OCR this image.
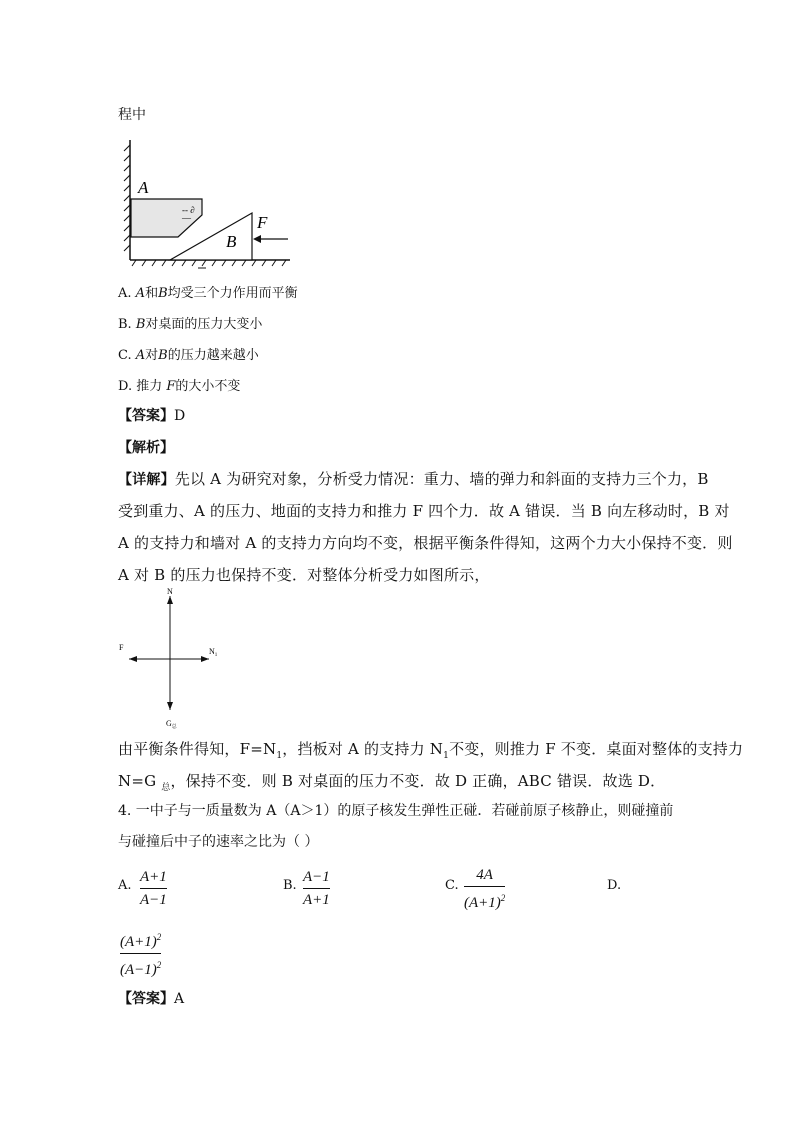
程中
A
-- ∂
—
B
F
A. A和B均受三个力作用而平衡
B. B对桌面的压力大变小
C. A对B的压力越来越小
D. 推力 F的大小不变
【答案】D
【解析】
【详解】先以 A 为研究对象，分析受力情况：重力、墙的弹力和斜面的支持力三个力，B
受到重力、A 的压力、地面的支持力和推力 F 四个力．故 A 错误．当 B 向左移动时，B 对
A 的支持力和墙对 A 的支持力方向均不变，根据平衡条件得知，这两个力大小保持不变．则
A 对 B 的压力也保持不变．对整体分析受力如图所示，
N
F	$N_1$
$G_总$
由平衡条件得知，$F=N_1$，挡板对 A 的支持力 $N_1$不变，则推力 F 不变．桌面对整体的支持力
N=G $_总$，保持不变．则 B 对桌面的压力不变．故 D 正确，ABC 错误．故选 D．
4. 一中子与一质量数为 A（A＞1）的原子核发生弹性正碰．若碰前原子核静止，则碰撞前
与碰撞后中子的速率之比为（ ）
A.
A+1
A−1
B.
A−1
A+1
C.
4A
$(A+1)^2$
D.
$(A+1)^2$
$(A-1)^2$
【答案】A
